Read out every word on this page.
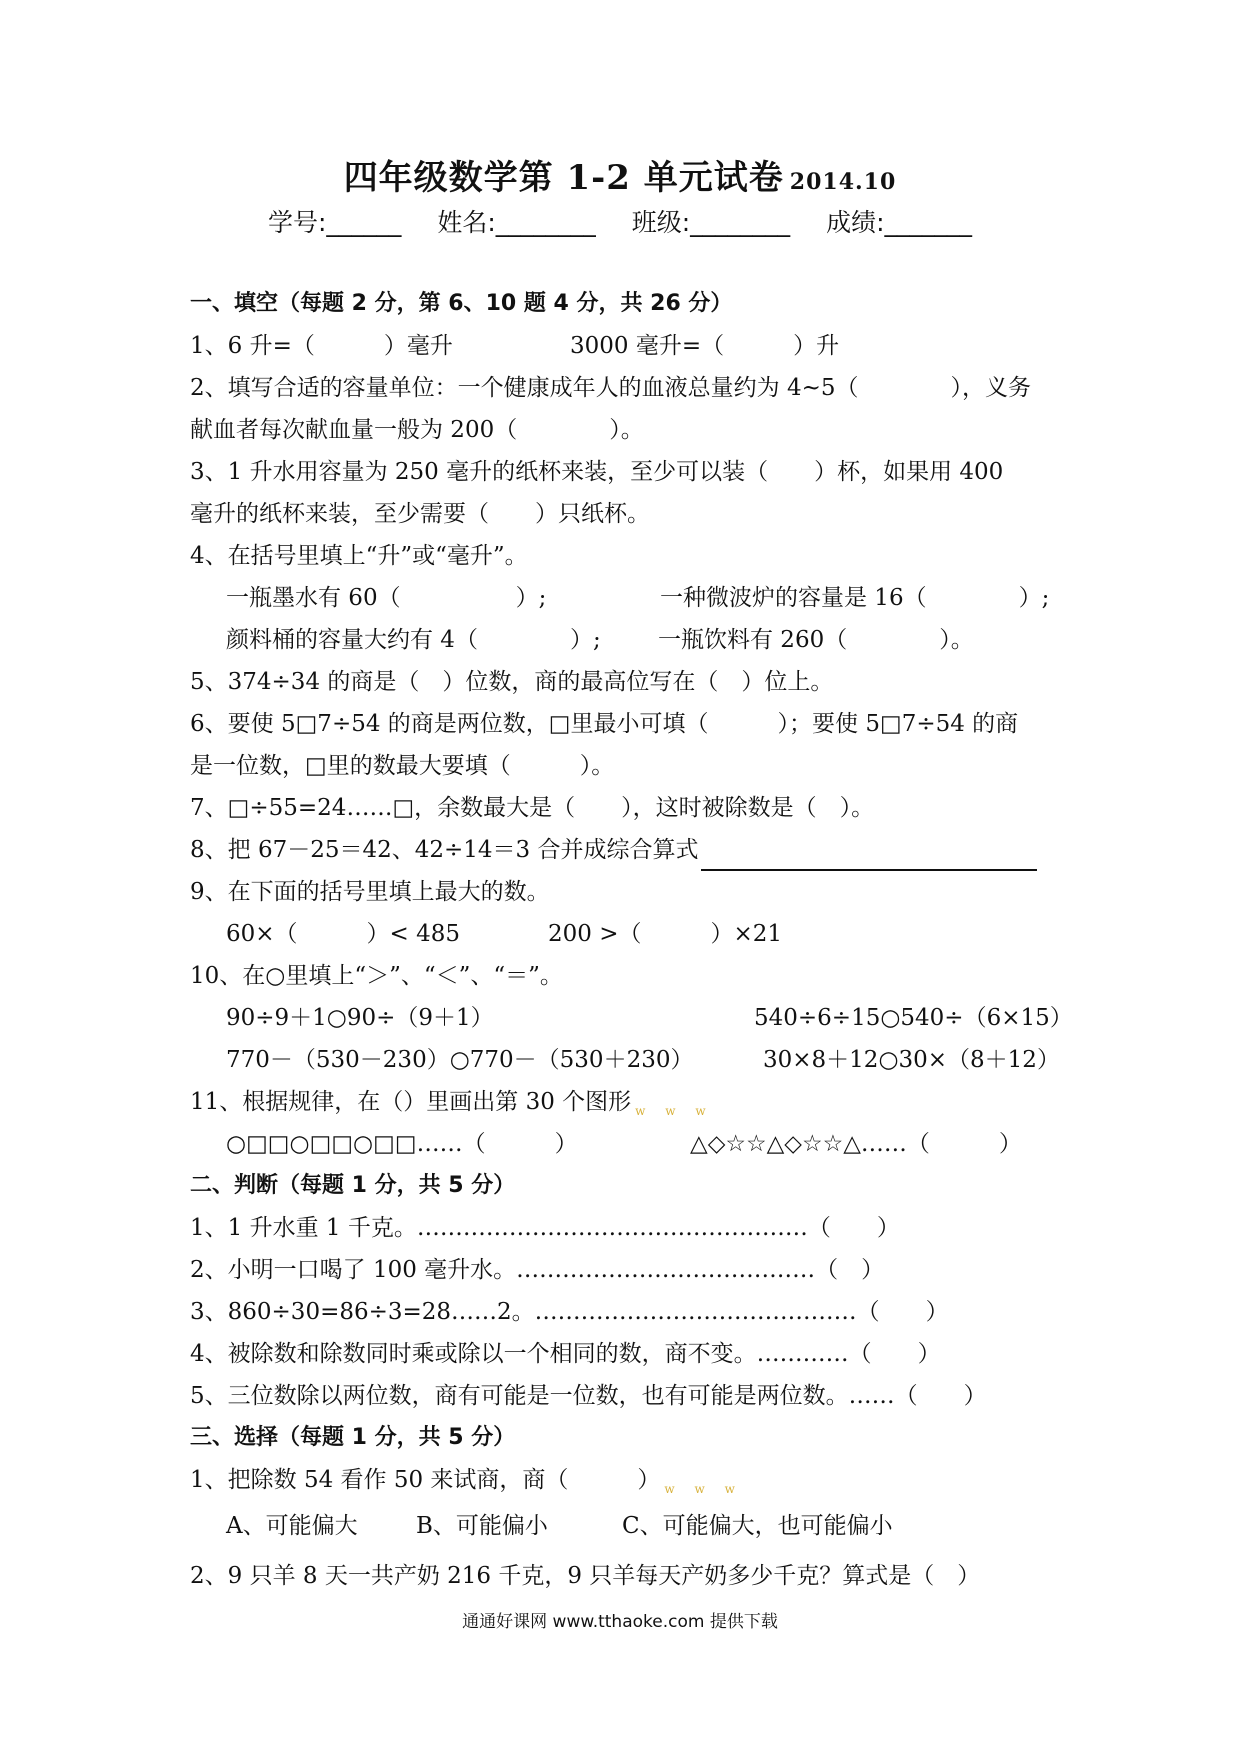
四年级数学第 1-2 单元试卷 2014.10
学号:______ 姓名:________ 班级:________ 成绩:_______
一、填空（每题 2 分，第 6、10 题 4 分，共 26 分）
1、6 升=（　　　）毫升	3000 毫升=（　　　）升
2、填写合适的容量单位：一个健康成年人的血液总量约为 4~5（　　　　），义务
献血者每次献血量一般为 200（　　　　）。
3、1 升水用容量为 250 毫升的纸杯来装，至少可以装（　　）杯，如果用 400
毫升的纸杯来装，至少需要（　　）只纸杯。
4、在括号里填上“升”或“毫升”。
一瓶墨水有 60（　　　　　）;	一种微波炉的容量是 16（　　　　）;
颜料桶的容量大约有 4（　　　　）; 一瓶饮料有 260（　　　　）。
5、374÷34 的商是（　）位数，商的最高位写在（　）位上。
6、要使 5□7÷54 的商是两位数，□里最小可填（　　　）；要使 5□7÷54 的商
是一位数，□里的数最大要填（　　　）。
7、□÷55=24……□，余数最大是（　　），这时被除数是（　）。
8、把 67－25＝42、42÷14＝3 合并成综合算式
9、在下面的括号里填上最大的数。
60×（　　　）< 485	200 >（　　　）×21
10、在○里填上“＞”、“＜”、“＝”。
90÷9＋1○90÷（9＋1）	540÷6÷15○540÷（6×15）
770－（530－230）○770－（530＋230）	30×8＋12○30×（8＋12）
11、根据规律，在（）里画出第 30 个图形 $_{w w w}$
○□□○□□○□□……（　　　）	△◇☆☆△◇☆☆△……（　　　）
二、判断（每题 1 分，共 5 分）
1、1 升水重 1 千克。……………………………………………（　　）
2、小明一口喝了 100 毫升水。…………………………………（　）
3、860÷30=86÷3=28……2。……………………………………（　　）
4、被除数和除数同时乘或除以一个相同的数，商不变。…………（　　）
5、三位数除以两位数，商有可能是一位数，也有可能是两位数。……（　　）
三、选择（每题 1 分，共 5 分）
1、把除数 54 看作 50 来试商，商（　　　） $_{w w w}$
A、可能偏大	B、可能偏小	C、可能偏大，也可能偏小
2、9 只羊 8 天一共产奶 216 千克，9 只羊每天产奶多少千克？算式是（　）
通通好课网 www.tthaoke.com 提供下载
